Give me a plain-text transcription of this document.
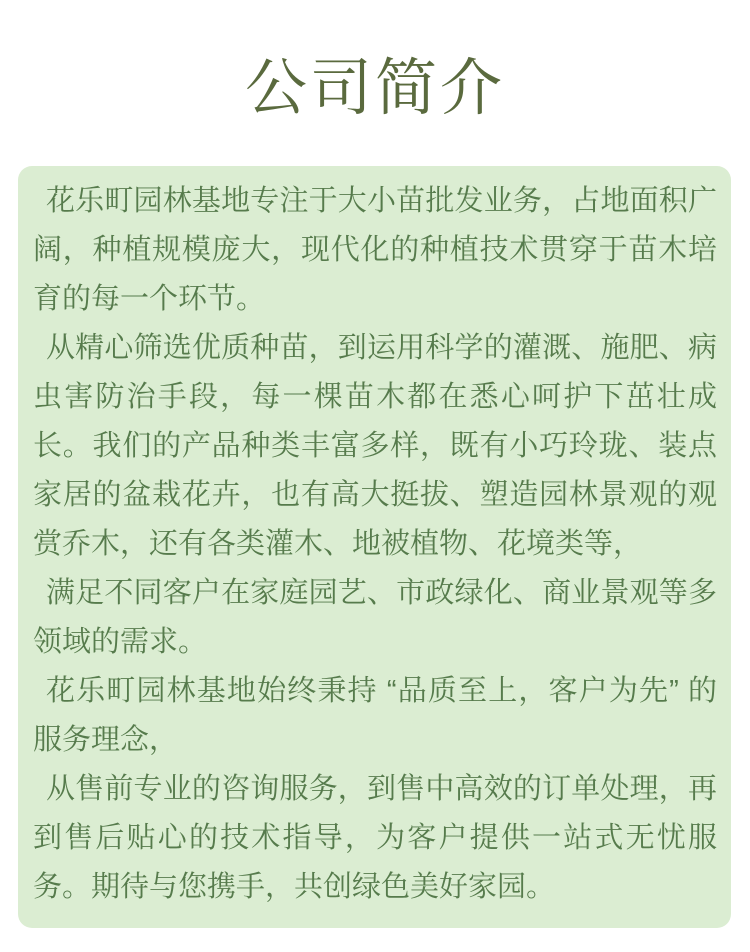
公司简介

花乐町园林基地专注于大小苗批发业务，占地面积广阔，种植规模庞大，现代化的种植技术贯穿于苗木培育的每一个环节。

从精心筛选优质种苗，到运用科学的灌溉、施肥、病虫害防治手段，每一棵苗木都在悉心呵护下茁壮成长。我们的产品种类丰富多样，既有小巧玲珑、装点家居的盆栽花卉，也有高大挺拔、塑造园林景观的观赏乔木，还有各类灌木、地被植物、花境类等，

满足不同客户在家庭园艺、市政绿化、商业景观等多领域的需求。

花乐町园林基地始终秉持 “品质至上，客户为先” 的服务理念，

从售前专业的咨询服务，到售中高效的订单处理，再到售后贴心的技术指导，为客户提供一站式无忧服务。期待与您携手，共创绿色美好家园。
